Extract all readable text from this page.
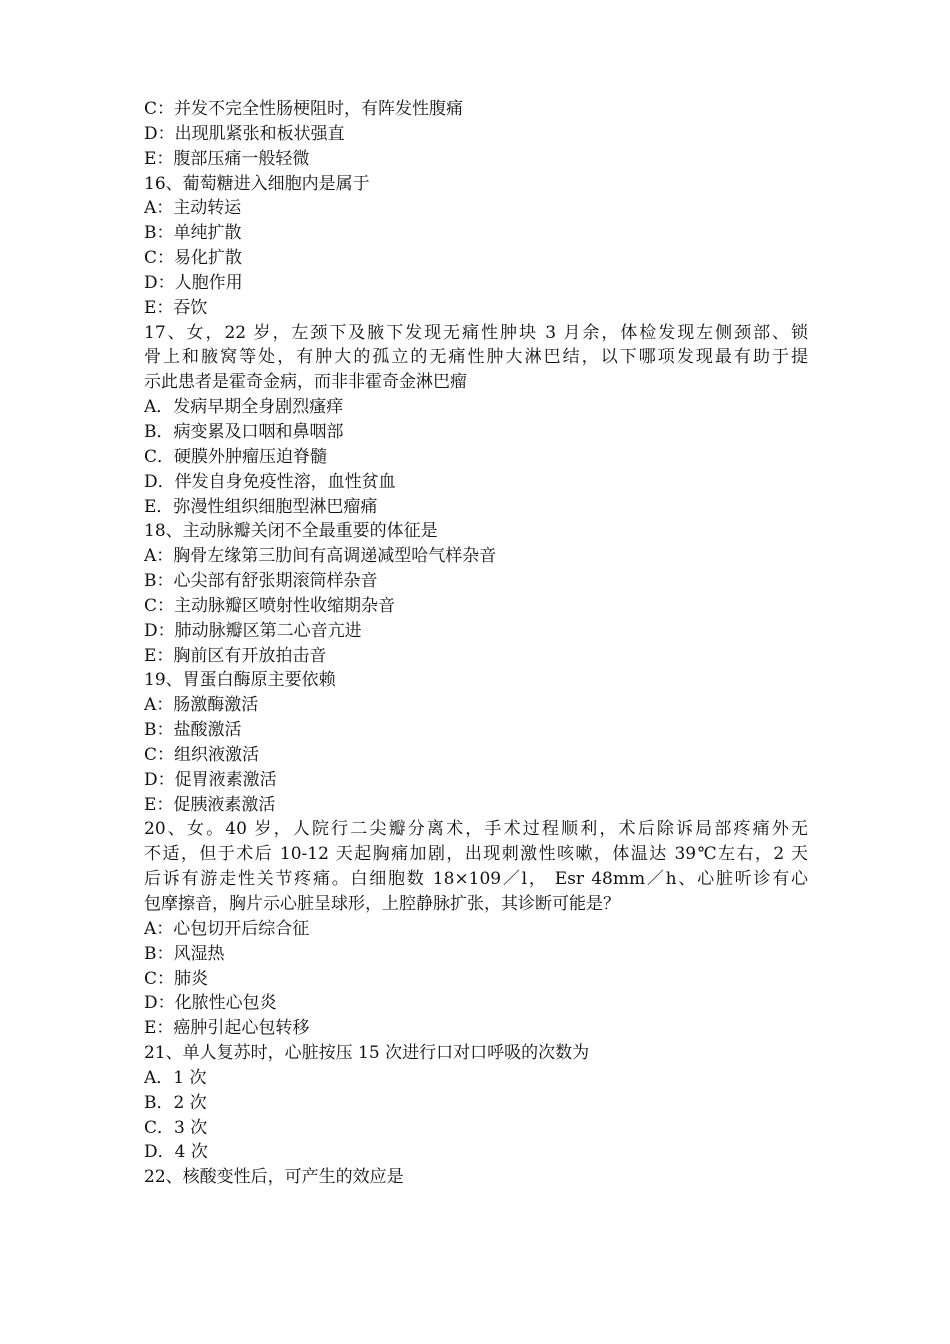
C：并发不完全性肠梗阻时，有阵发性腹痛
D：出现肌紧张和板状强直
E：腹部压痛一般轻微
16、葡萄糖进入细胞内是属于
A：主动转运
B：单纯扩散
C：易化扩散
D：人胞作用
E：吞饮
17、女，22 岁，左颈下及腋下发现无痛性肿块 3 月余，体检发现左侧颈部、锁
骨上和腋窝等处，有肿大的孤立的无痛性肿大淋巴结，以下哪项发现最有助于提
示此患者是霍奇金病，而非非霍奇金淋巴瘤
A．发病早期全身剧烈瘙痒
B．病变累及口咽和鼻咽部
C．硬膜外肿瘤压迫脊髓
D．伴发自身免疫性溶，血性贫血
E．弥漫性组织细胞型淋巴瘤痛
18、主动脉瓣关闭不全最重要的体征是
A：胸骨左缘第三肋间有高调递减型哈气样杂音
B：心尖部有舒张期滚筒样杂音
C：主动脉瓣区喷射性收缩期杂音
D：肺动脉瓣区第二心音亢进
E：胸前区有开放拍击音
19、胃蛋白酶原主要依赖
A：肠激酶激活
B：盐酸激活
C：组织液激活
D：促胃液素激活
E：促胰液素激活
20、女。40 岁，人院行二尖瓣分离术，手术过程顺利，术后除诉局部疼痛外无
不适，但于术后 10-12 天起胸痛加剧，出现刺激性咳嗽，体温达 39℃左右，2 天
后诉有游走性关节疼痛。白细胞数 18×109／l， Esr 48mm／h、心脏听诊有心
包摩擦音，胸片示心脏呈球形，上腔静脉扩张，其诊断可能是？
A：心包切开后综合征
B：风湿热
C：肺炎
D：化脓性心包炎
E：癌肿引起心包转移
21、单人复苏时，心脏按压 15 次进行口对口呼吸的次数为
A．1 次
B．2 次
C．3 次
D．4 次
22、核酸变性后，可产生的效应是
